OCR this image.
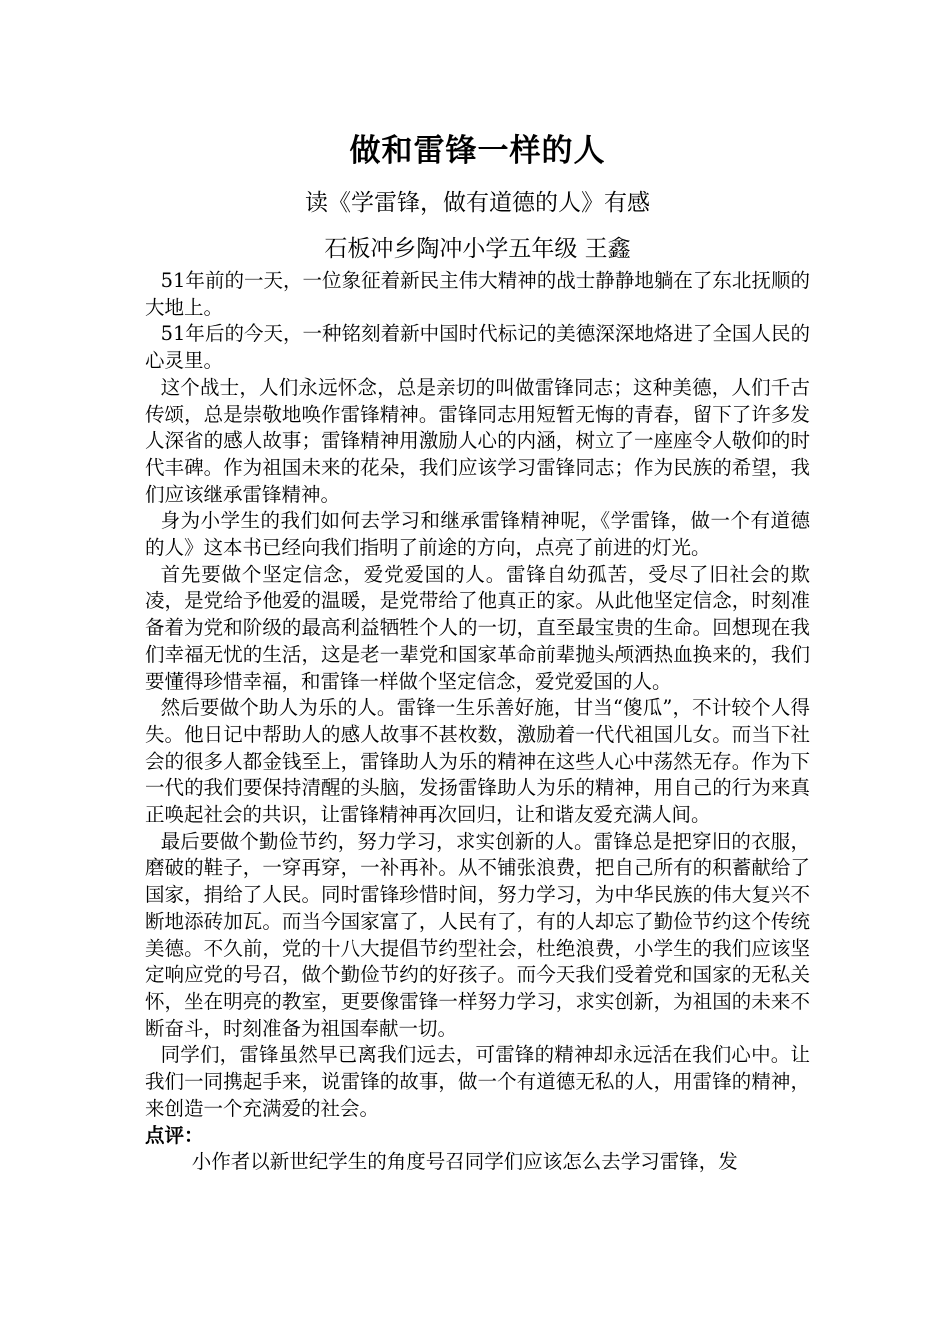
做和雷锋一样的人
读《学雷锋，做有道德的人》有感
石板冲乡陶冲小学五年级 王鑫

51年前的一天，一位象征着新民主伟大精神的战士静静地躺在了东北抚顺的大地上。

51年后的今天，一种铭刻着新中国时代标记的美德深深地烙进了全国人民的心灵里。

这个战士，人们永远怀念，总是亲切的叫做雷锋同志；这种美德，人们千古传颂，总是崇敬地唤作雷锋精神。雷锋同志用短暂无悔的青春，留下了许多发人深省的感人故事；雷锋精神用激励人心的内涵，树立了一座座令人敬仰的时代丰碑。作为祖国未来的花朵，我们应该学习雷锋同志；作为民族的希望，我们应该继承雷锋精神。

身为小学生的我们如何去学习和继承雷锋精神呢，《学雷锋，做一个有道德的人》这本书已经向我们指明了前途的方向，点亮了前进的灯光。

首先要做个坚定信念，爱党爱国的人。雷锋自幼孤苦，受尽了旧社会的欺凌，是党给予他爱的温暖，是党带给了他真正的家。从此他坚定信念，时刻准备着为党和阶级的最高利益牺牲个人的一切，直至最宝贵的生命。回想现在我们幸福无忧的生活，这是老一辈党和国家革命前辈抛头颅洒热血换来的，我们要懂得珍惜幸福，和雷锋一样做个坚定信念，爱党爱国的人。

然后要做个助人为乐的人。雷锋一生乐善好施，甘当“傻瓜”，不计较个人得失。他日记中帮助人的感人故事不甚枚数，激励着一代代祖国儿女。而当下社会的很多人都金钱至上，雷锋助人为乐的精神在这些人心中荡然无存。作为下一代的我们要保持清醒的头脑，发扬雷锋助人为乐的精神，用自己的行为来真正唤起社会的共识，让雷锋精神再次回归，让和谐友爱充满人间。

最后要做个勤俭节约，努力学习，求实创新的人。雷锋总是把穿旧的衣服，磨破的鞋子，一穿再穿，一补再补。从不铺张浪费，把自己所有的积蓄献给了国家，捐给了人民。同时雷锋珍惜时间，努力学习，为中华民族的伟大复兴不断地添砖加瓦。而当今国家富了，人民有了，有的人却忘了勤俭节约这个传统美德。不久前，党的十八大提倡节约型社会，杜绝浪费，小学生的我们应该坚定响应党的号召，做个勤俭节约的好孩子。而今天我们受着党和国家的无私关怀，坐在明亮的教室，更要像雷锋一样努力学习，求实创新，为祖国的未来不断奋斗，时刻准备为祖国奉献一切。

同学们，雷锋虽然早已离我们远去，可雷锋的精神却永远活在我们心中。让我们一同携起手来，说雷锋的故事，做一个有道德无私的人，用雷锋的精神，来创造一个充满爱的社会。

点评：

小作者以新世纪学生的角度号召同学们应该怎么去学习雷锋，发
